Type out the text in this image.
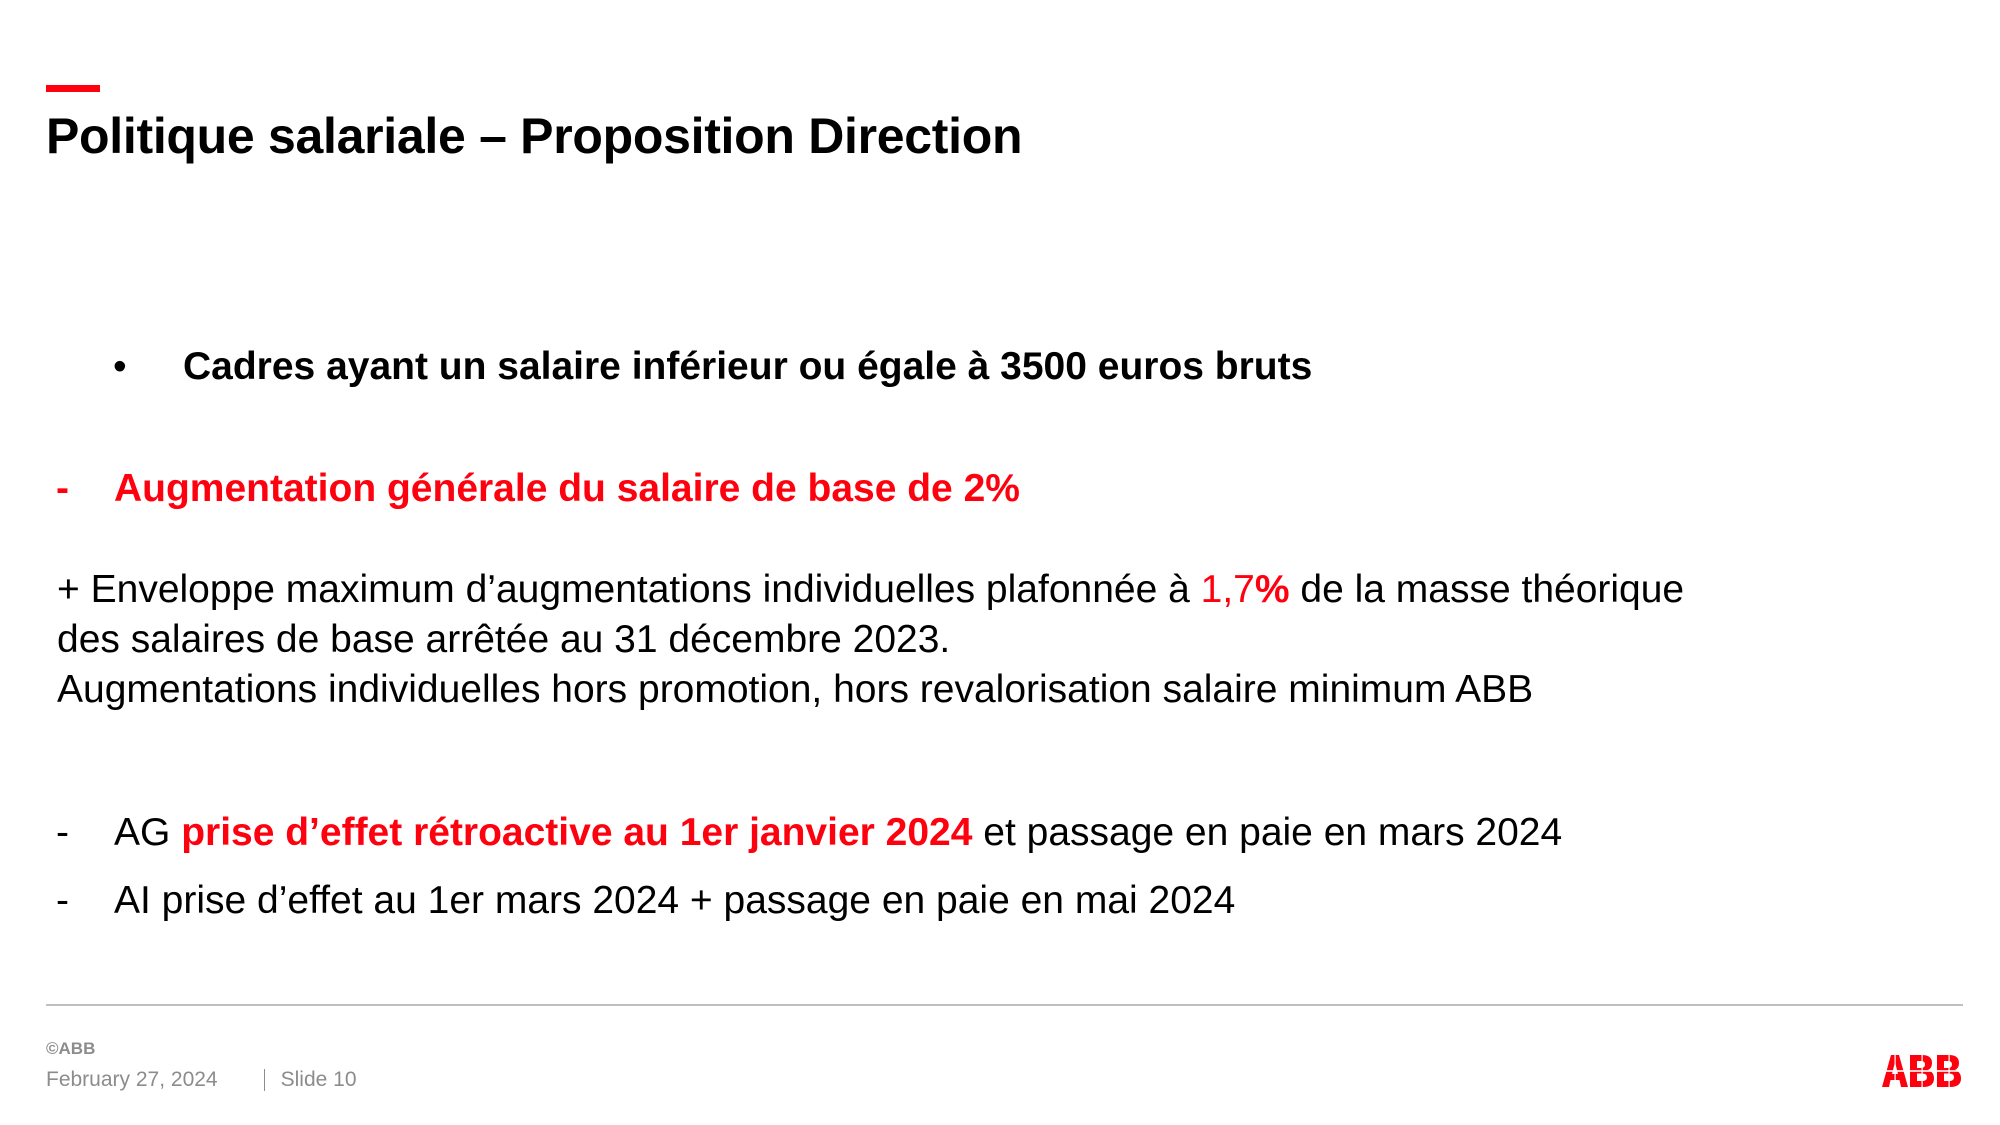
Politique salariale – Proposition Direction
• Cadres ayant un salaire inférieur ou égale à 3500 euros bruts
- Augmentation générale du salaire de base de 2%
+ Enveloppe maximum d’augmentations individuelles plafonnée à 1,7% de la masse théorique
des salaires de base arrêtée au 31 décembre 2023.
Augmentations individuelles hors promotion, hors revalorisation salaire minimum ABB
- AG prise d’effet rétroactive au 1er janvier 2024 et passage en paie en mars 2024
- AI prise d’effet au 1er mars 2024 + passage en paie en mai 2024
©ABB
February 27, 2024	Slide 10
